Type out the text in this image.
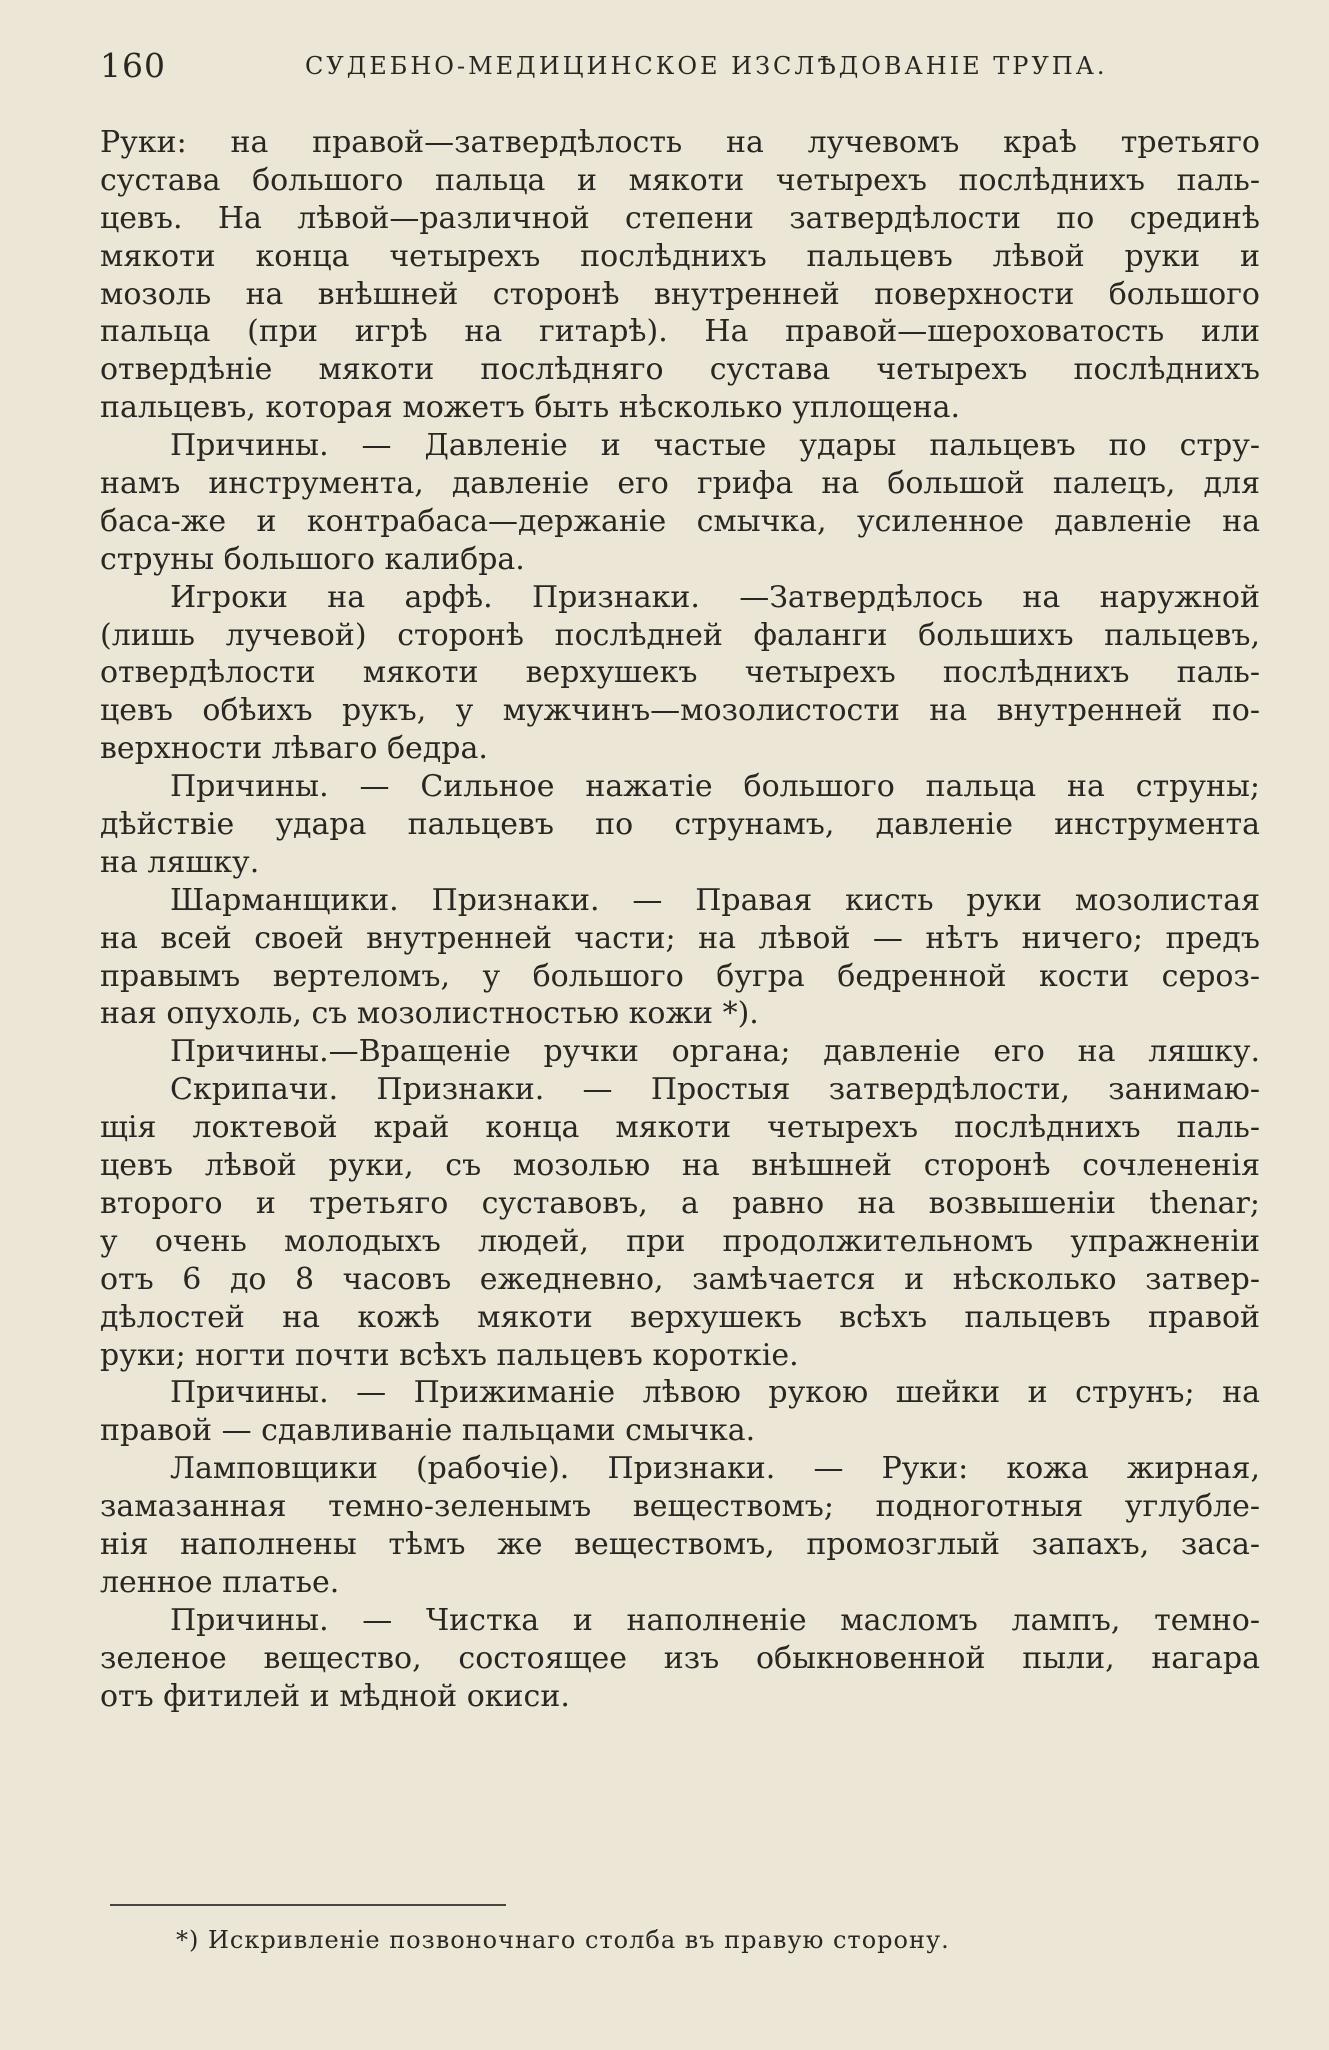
160	СУДЕБНО-МЕДИЦИНСКОЕ ИЗСЛѢДОВАНІЕ ТРУПА.
Руки: на правой—затвердѣлость на лучевомъ краѣ третьяго
сустава большого пальца и мякоти четырехъ послѣднихъ паль-
цевъ. На лѣвой—различной степени затвердѣлости по срединѣ
мякоти конца четырехъ послѣднихъ пальцевъ лѣвой руки и
мозоль на внѣшней сторонѣ внутренней поверхности большого
пальца (при игрѣ на гитарѣ). На правой—шероховатость или
отвердѣніе мякоти послѣдняго сустава четырехъ послѣднихъ
пальцевъ, которая можетъ быть нѣсколько уплощена.
Причины. — Давленіе и частые удары пальцевъ по стру-
намъ инструмента, давленіе его грифа на большой палецъ, для
баса-же и контрабаса—держаніе смычка, усиленное давленіе на
струны большого калибра.
Игроки на арфѣ. Признаки. —Затвердѣлось на наружной
(лишь лучевой) сторонѣ послѣдней фаланги большихъ пальцевъ,
отвердѣлости мякоти верхушекъ четырехъ послѣднихъ паль-
цевъ обѣихъ рукъ, у мужчинъ—мозолистости на внутренней по-
верхности лѣваго бедра.
Причины. — Сильное нажатіе большого пальца на струны;
дѣйствіе удара пальцевъ по струнамъ, давленіе инструмента
на ляшку.
Шарманщики. Признаки. — Правая кисть руки мозолистая
на всей своей внутренней части; на лѣвой — нѣтъ ничего; предъ
правымъ вертеломъ, у большого бугра бедренной кости сероз-
ная опухоль, съ мозолистностью кожи *).
Причины.—Вращеніе ручки органа; давленіе его на ляшку.
Скрипачи. Признаки. — Простыя затвердѣлости, занимаю-
щія локтевой край конца мякоти четырехъ послѣднихъ паль-
цевъ лѣвой руки, съ мозолью на внѣшней сторонѣ сочлененія
второго и третьяго суставовъ, а равно на возвышеніи thenar;
у очень молодыхъ людей, при продолжительномъ упражненіи
отъ 6 до 8 часовъ ежедневно, замѣчается и нѣсколько затвер-
дѣлостей на кожѣ мякоти верхушекъ всѣхъ пальцевъ правой
руки; ногти почти всѣхъ пальцевъ короткіе.
Причины. — Прижиманіе лѣвою рукою шейки и струнъ; на
правой — сдавливаніе пальцами смычка.
Ламповщики (рабочіе). Признаки. — Руки: кожа жирная,
замазанная темно-зеленымъ веществомъ; подноготныя углубле-
нія наполнены тѣмъ же веществомъ, промозглый запахъ, заса-
ленное платье.
Причины. — Чистка и наполненіе масломъ лампъ, темно-
зеленое вещество, состоящее изъ обыкновенной пыли, нагара
отъ фитилей и мѣдной окиси.
*) Искривленіе позвоночнаго столба въ правую сторону.
